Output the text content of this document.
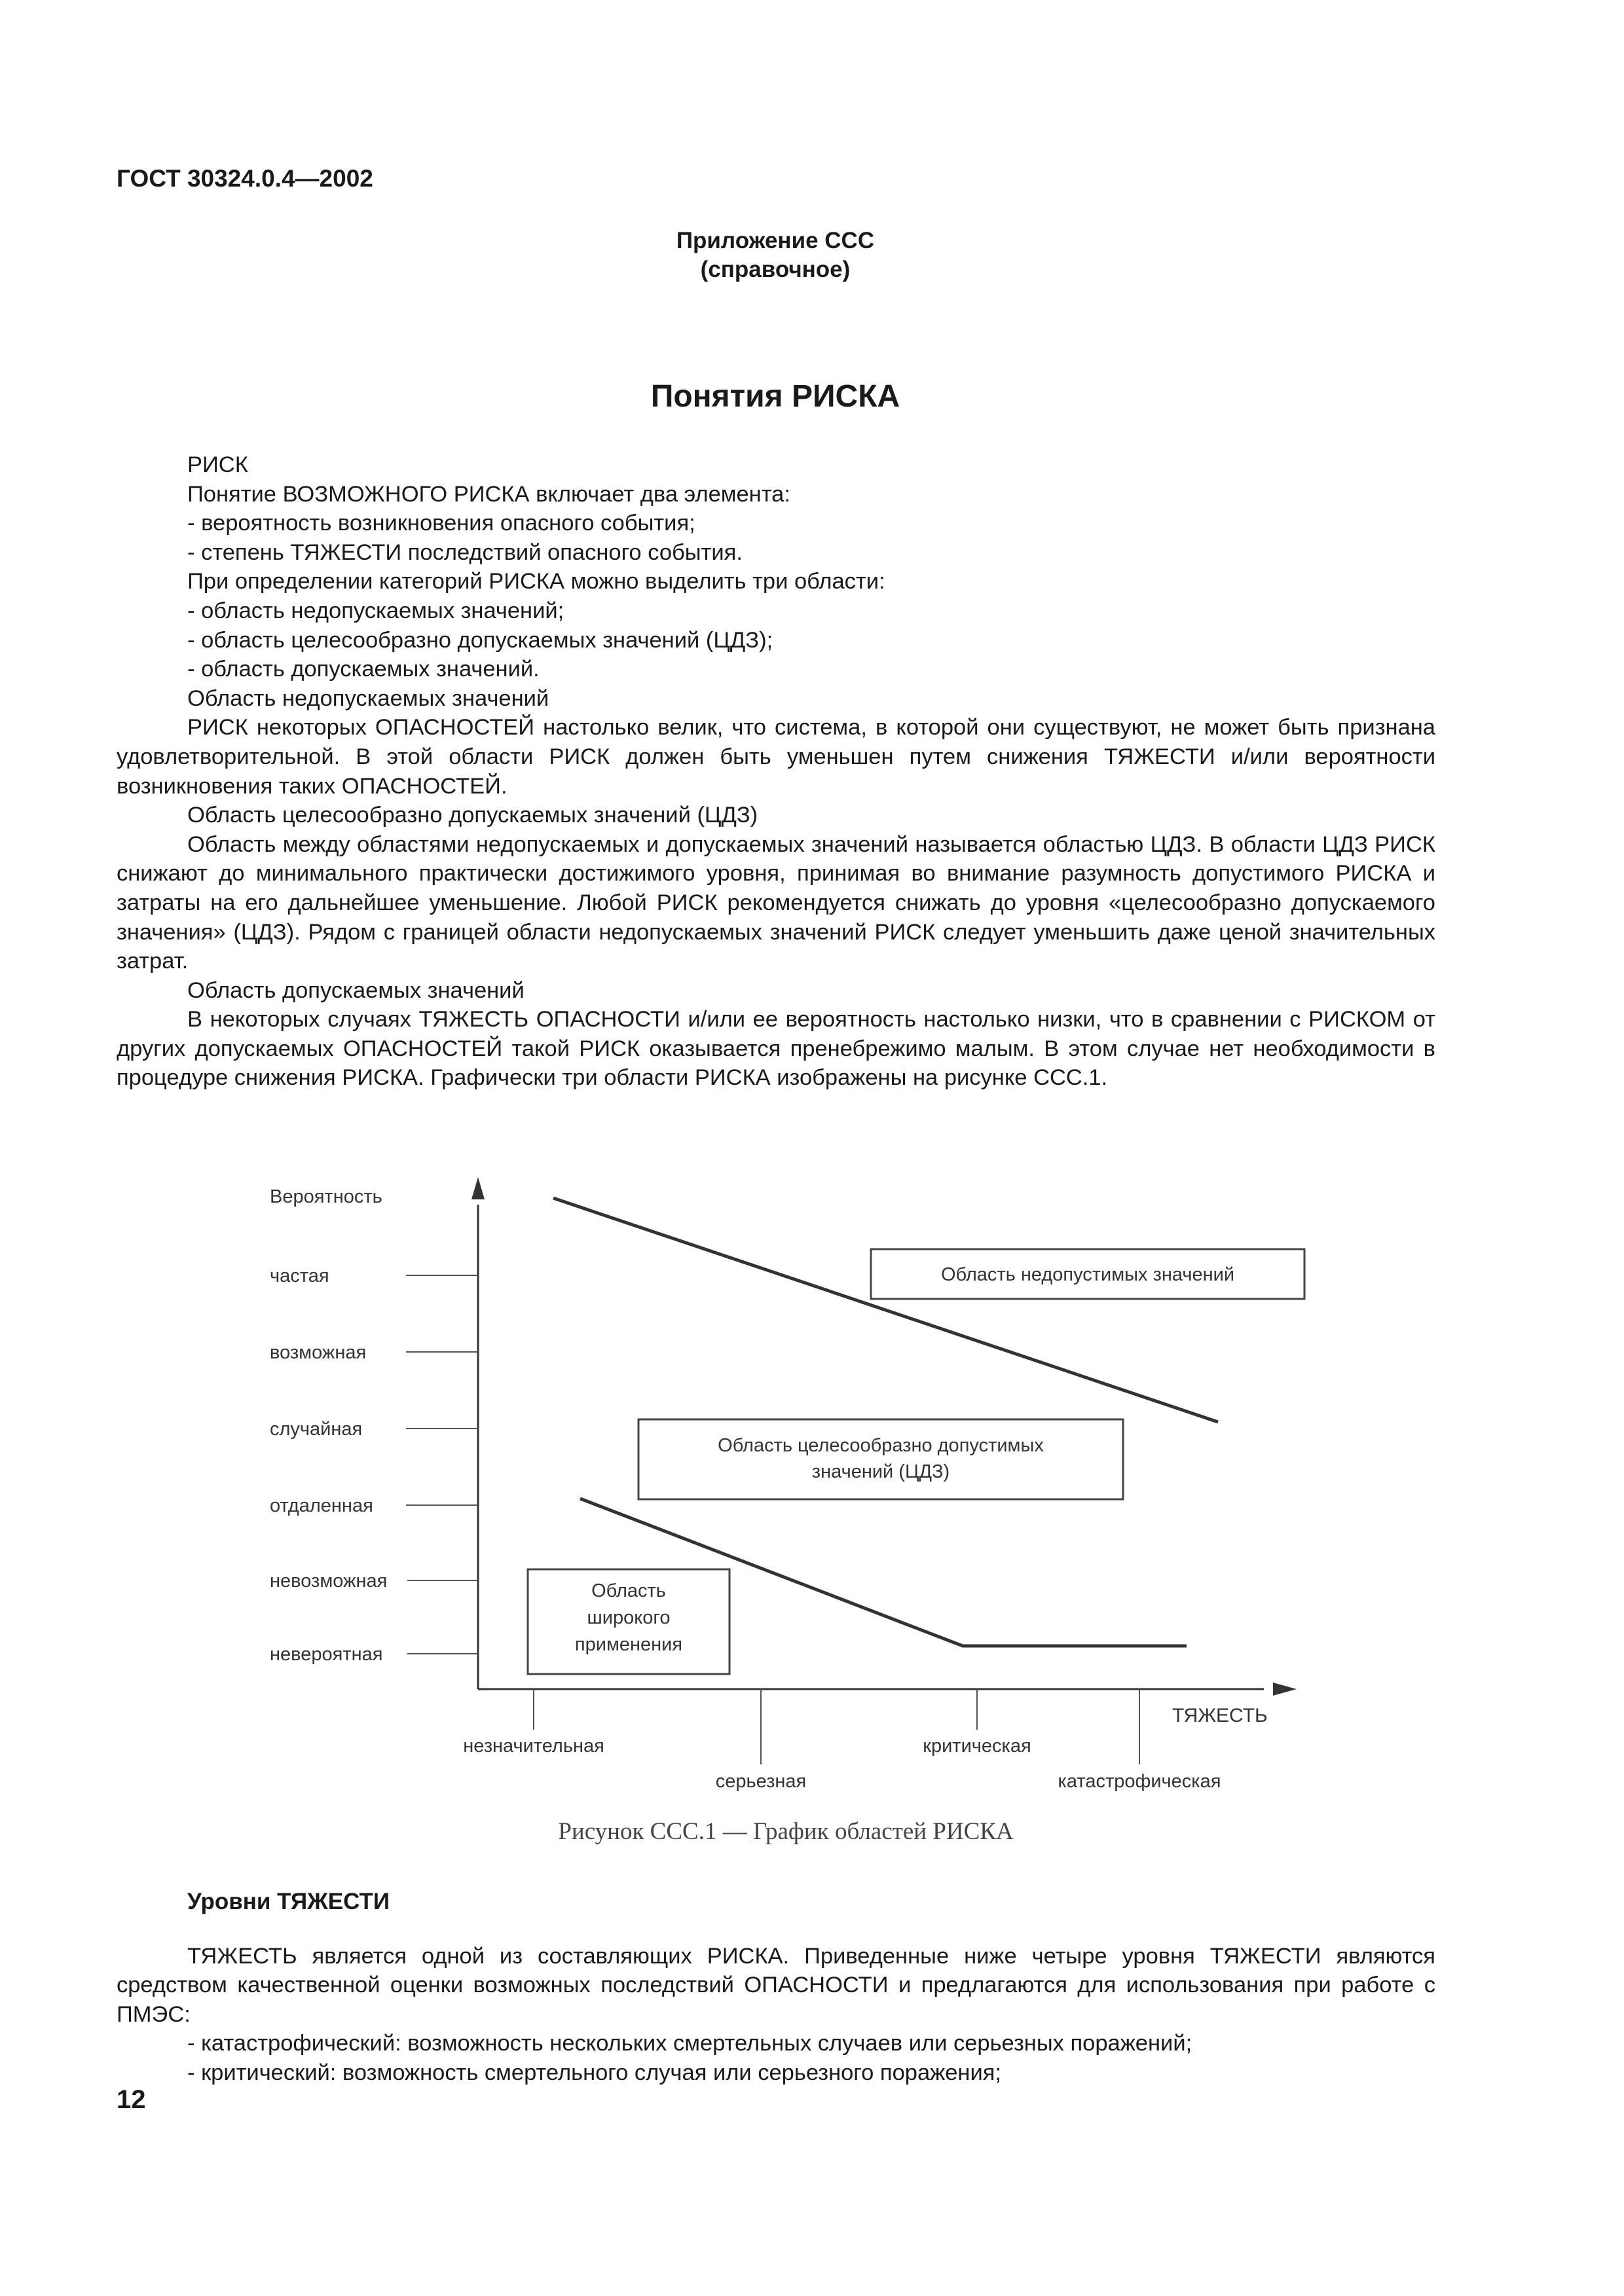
ГОСТ 30324.0.4—2002
Приложение ССС
(справочное)
Понятия РИСКА

РИСК

Понятие ВОЗМОЖНОГО РИСКА включает два элемента:

- вероятность возникновения опасного события;

- степень ТЯЖЕСТИ последствий опасного события.

При определении категорий РИСКА можно выделить три области:

- область недопускаемых значений;

- область целесообразно допускаемых значений (ЦДЗ);

- область допускаемых значений.

Область недопускаемых значений

РИСК некоторых ОПАСНОСТЕЙ настолько велик, что система, в которой они существуют, не может быть признана удовлетворительной. В этой области РИСК должен быть уменьшен путем снижения ТЯЖЕСТИ и/или вероятности возникновения таких ОПАСНОСТЕЙ.

Область целесообразно допускаемых значений (ЦДЗ)

Область между областями недопускаемых и допускаемых значений называется областью ЦДЗ. В области ЦДЗ РИСК снижают до минимального практически достижимого уровня, принимая во внимание разумность допустимого РИСКА и затраты на его дальнейшее уменьшение. Любой РИСК рекомендуется снижать до уровня «целесообразно допускаемого значения» (ЦДЗ). Рядом с границей области недопускаемых значений РИСК следует уменьшить даже ценой значительных затрат.

Область допускаемых значений

В некоторых случаях ТЯЖЕСТЬ ОПАСНОСТИ и/или ее вероятность настолько низки, что в сравнении с РИСКОМ от других допускаемых ОПАСНОСТЕЙ такой РИСК оказывается пренебрежимо малым. В этом случае нет необходимости в процедуре снижения РИСКА. Графически три области РИСКА изображены на рисунке ССС.1.

Вероятность
частая
возможная
случайная
отдаленная
невозможная
невероятная
ТЯЖЕСТЬ
незначительная
серьезная
критическая
катастрофическая
Область недопустимых значений
Область целесообразно допустимых
значений (ЦДЗ)
Область
широкого
применения
Рисунок ССС.1 — График областей РИСКА
Уровни ТЯЖЕСТИ

ТЯЖЕСТЬ является одной из составляющих РИСКА. Приведенные ниже четыре уровня ТЯЖЕСТИ являются средством качественной оценки возможных последствий ОПАСНОСТИ и предлагаются для использования при работе с ПМЭС:

- катастрофический: возможность нескольких смертельных случаев или серьезных поражений;

- критический: возможность смертельного случая или серьезного поражения;

12
